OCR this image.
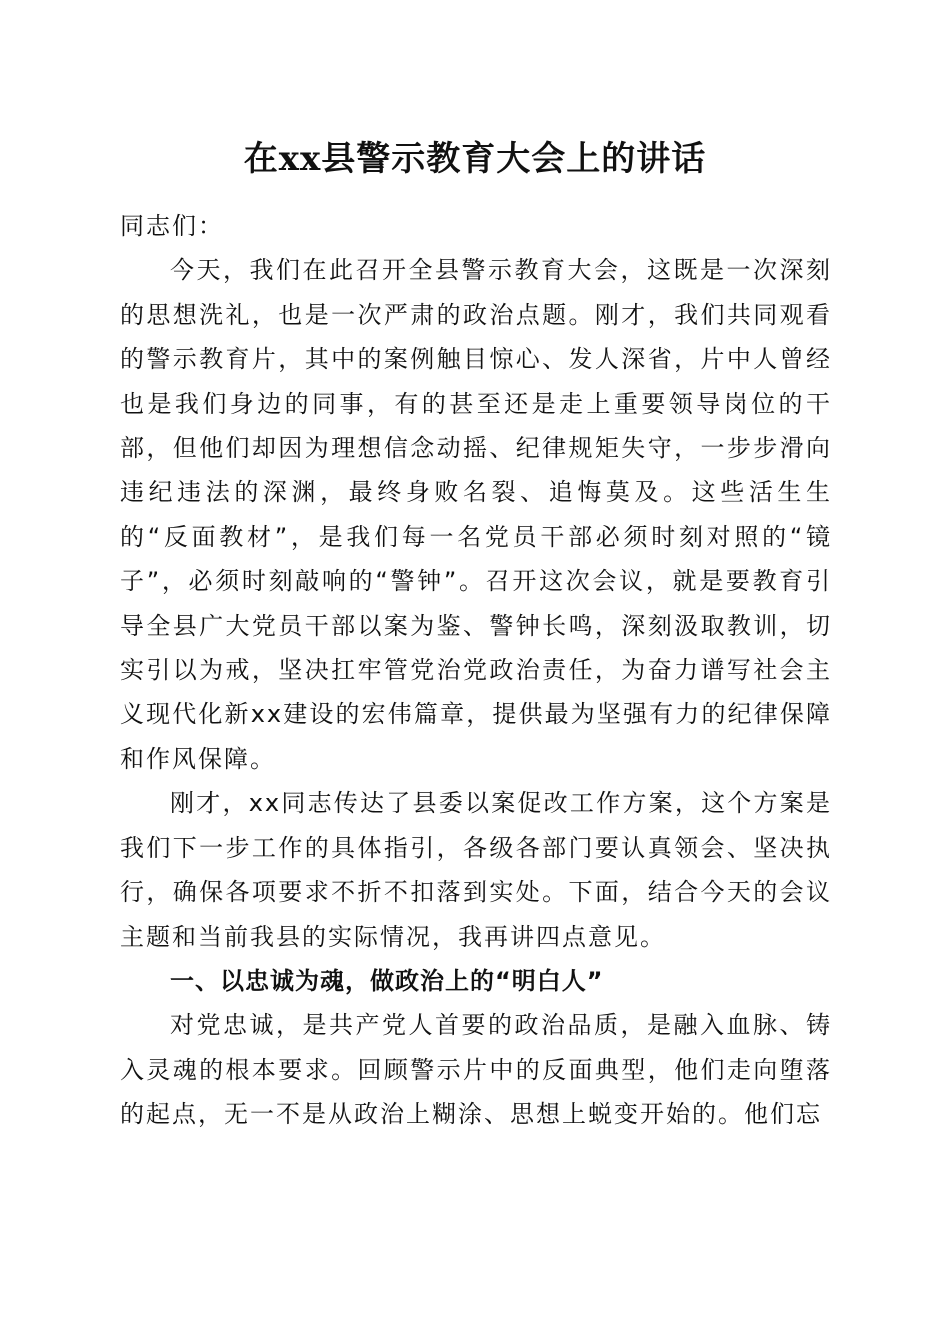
在xx县警示教育大会上的讲话

同志们：

今天，我们在此召开全县警示教育大会，这既是一次深刻的思想洗礼，也是一次严肃的政治点题。刚才，我们共同观看的警示教育片，其中的案例触目惊心、发人深省，片中人曾经也是我们身边的同事，有的甚至还是走上重要领导岗位的干部，但他们却因为理想信念动摇、纪律规矩失守，一步步滑向违纪违法的深渊，最终身败名裂、追悔莫及。这些活生生的“反面教材”，是我们每一名党员干部必须时刻对照的“镜子”，必须时刻敲响的“警钟”。召开这次会议，就是要教育引导全县广大党员干部以案为鉴、警钟长鸣，深刻汲取教训，切实引以为戒，坚决扛牢管党治党政治责任，为奋力谱写社会主义现代化新xx建设的宏伟篇章，提供最为坚强有力的纪律保障和作风保障。

刚才，xx同志传达了县委以案促改工作方案，这个方案是我们下一步工作的具体指引，各级各部门要认真领会、坚决执行，确保各项要求不折不扣落到实处。下面，结合今天的会议主题和当前我县的实际情况，我再讲四点意见。

一、以忠诚为魂，做政治上的“明白人”

对党忠诚，是共产党人首要的政治品质，是融入血脉、铸入灵魂的根本要求。回顾警示片中的反面典型，他们走向堕落的起点，无一不是从政治上糊涂、思想上蜕变开始的。他们忘
